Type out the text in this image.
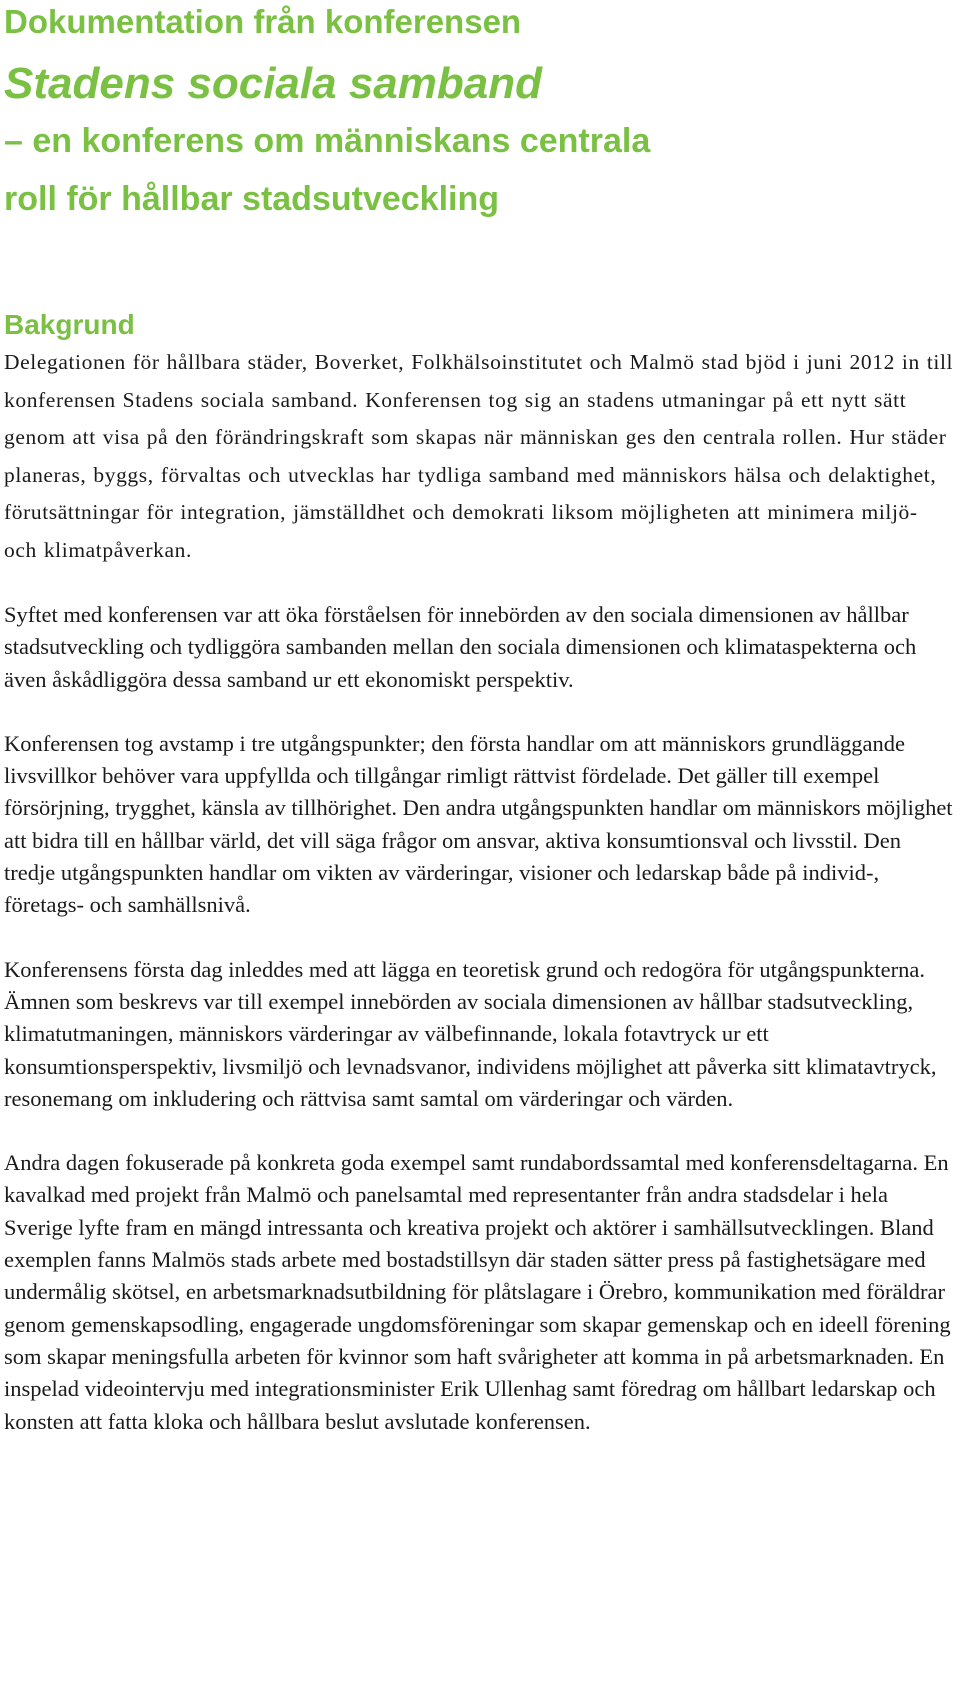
Dokumentation från konferensen
Stadens sociala samband
– en konferens om människans centrala
roll för hållbar stadsutveckling
Bakgrund

Delegationen för hållbara städer, Boverket, Folkhälsoinstitutet och Malmö stad bjöd i juni 2012 in till konferensen Stadens sociala samband. Konferensen tog sig an stadens utmaningar på ett nytt sätt genom att visa på den förändringskraft som skapas när människan ges den centrala rollen. Hur städer planeras, byggs, förvaltas och utvecklas har tydliga samband med människors hälsa och delaktighet, förutsättningar för integration, jämställdhet och demokrati liksom möjligheten att minimera miljö- och klimatpåverkan.

Syftet med konferensen var att öka förståelsen för innebörden av den sociala dimensionen av hållbar stadsutveckling och tydliggöra sambanden mellan den sociala dimensionen och klimataspekterna och även åskådliggöra dessa samband ur ett ekonomiskt perspektiv.

Konferensen tog avstamp i tre utgångspunkter; den första handlar om att människors grundläggande livsvillkor behöver vara uppfyllda och tillgångar rimligt rättvist fördelade. Det gäller till exempel försörjning, trygghet, känsla av tillhörighet. Den andra utgångspunkten handlar om människors möjlighet att bidra till en hållbar värld, det vill säga frågor om ansvar, aktiva konsumtionsval och livsstil. Den tredje utgångspunkten handlar om vikten av värderingar, visioner och ledarskap både på individ-, företags- och samhällsnivå.

Konferensens första dag inleddes med att lägga en teoretisk grund och redogöra för utgångspunkterna. Ämnen som beskrevs var till exempel innebörden av sociala dimensionen av hållbar stadsutveckling, klimatutmaningen, människors värderingar av välbefinnande, lokala fotavtryck ur ett konsumtionsperspektiv, livsmiljö och levnadsvanor, individens möjlighet att påverka sitt klimatavtryck, resonemang om inkludering och rättvisa samt samtal om värderingar och värden.

Andra dagen fokuserade på konkreta goda exempel samt rundabordssamtal med konferensdeltagarna. En kavalkad med projekt från Malmö och panelsamtal med representanter från andra stadsdelar i hela Sverige lyfte fram en mängd intressanta och kreativa projekt och aktörer i samhällsutvecklingen. Bland exemplen fanns Malmös stads arbete med bostadstillsyn där staden sätter press på fastighetsägare med undermålig skötsel, en arbetsmarknadsutbildning för plåtslagare i Örebro, kommunikation med föräldrar genom gemenskapsodling, engagerade ungdomsföreningar som skapar gemenskap och en ideell förening som skapar meningsfulla arbeten för kvinnor som haft svårigheter att komma in på arbetsmarknaden. En inspelad videointervju med integrationsminister Erik Ullenhag samt föredrag om hållbart ledarskap och konsten att fatta kloka och hållbara beslut avslutade konferensen.
